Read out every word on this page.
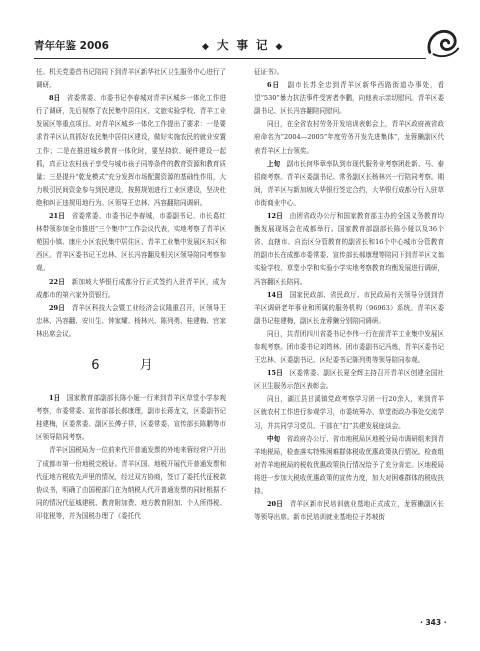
青年年鉴 2006	◆ 大 事 记 ◆

任、机关党委首书记陪同下到青羊区新华社区卫生服务中心进行了调研。

8日  省委常委、市委书记李春城对青羊区城乡一体化工作进行了调研，先后视察了农民集中居住区、文旅实验学校、青羊工业发展区等重点项目。对青羊区城乡一体化工作提出了要求：一是要求青羊区认真抓好农民集中居住区建设，做好实施农民的就业安置工作；二是在推进城乡教育一体化时，要坚持软、硬件建设一起抓，真正让农村孩子享受与城市孩子同等条件的教育资源和教育质量；三是提升“乾龙模式”充分发挥市场配置资源的基础性作用，大力吸引民间资金参与到民建设，按照规划进行工业区建设，坚决杜绝和纠正违规用地行为。区领导王忠林、冯容翻陪同调研。

21日  省委常委、市委书记李春城，市委副书记、市长葛红林带领参加全市推进“三个集中”工作会议代表，实地考察了青羊区苑国小镇、康庄小区农民集中居住区、青羊工业集中发展区东区和西区。青羊区委书记王忠林、区长冯容翻及相关区领导陪同考察参观。

22日  新加坡大华银行成都分行正式签约入驻青羊区，成为成都市的第六家外资银行。

29日  青羊区科技大会暨工业经济会议隆重召开，区领导王忠林、冯容翻、安川生、钟家耀、杨林兴、陈列勇、桂建梅、官家林出席会议。

6 月

1日  国家教育部副部长陈小娅一行来到青羊区草堂小学参观考察，市委常委、宣传部部长郝康理，副市长蒋龙文，区委副书记桂建梅，区委常委、副区长傅子祥，区委常委、宣传部长陈鹏等市区领导陪同考察。

青羊区国税局为一位前来代开普通发票的外地来蓉经营户开出了成都市第一份地税完税证。青羊区国、地税开展代开普通发票和代征地方税收先声里的情况，经过双方协商，签订了委托代征税款协议书，明确了由国税部门在为纳税人代开普通发票的同时根据不同的情况代征城建税、教育附加费、地方教育附加、个人所得税、印花税等，并为国税办理了《委托代

征证书》。

6日  副市长苏全忠到青羊区新华西路街道办事处，看望“530”暴力抗法事件受害者李鹏，向他表示亲切慰问。青羊区委副书记、区长冯容翻陪同慰问。

同日，在全省农村劳务开发培训表彰会上，青羊区政府被省政府命名为“2004—2005”年度劳务开发先进集体”，龙蓉獭副区代表青羊区上台领奖。

上旬  副市长何华章率队到市现代服务业考察团赴新、马、泰招商考察。青羊区委副书记、常务副区长杨林兴一行陪同考察。期间，青羊区与新加坡大华银行签定合约，大华银行成都分行入驻草市街商业中心。

12日  由团省政办公厅和国家教育部主办的全国义务教育均衡发展现场会在成都举行。国家教育部副部长陈小娅以及36个省、直辖市、自治区分管教育的副省长和16个中心城市分管教育的副市长在成都市委常委、宣传部长郝康理等陪同下到青羊区文翁实验学校、草堂小学和实验小学实地考察教育均衡发展进行调研，冯容翻区长陪同。

14日  国家民政部、省民政厅、市民政局有关领导分别到青羊区调研老年事业和所属的服务机构（96963）系统。青羊区委副书记桂建梅，副区长龙蓉獭分别陪同调研。

同日，共青团四川省委书记李伟一行在前青羊工业集中发展区参观考察。团市委书记刘筠林、团市委副书记冯炼，青羊区委书记王忠林、区委副书记、区纪委书记陈列勇等领导陪同参观。

15日  区委常委、副区长夏全辉主持召开青羊区创建全国社区卫生服务示范区表彰会。

同日，湖江县甘溪镇党政考察学习团一行20余人，来到青羊区就农村工作进行参观学习，市委统筹办、草堂街政办事处交流学习，并共同学习党员、干部在“打”共建发展座谈会。

中旬  省政府办公厅、省市地税局区地税分局市调研组来到青羊地税局，检查落实特殊困难群体税收优惠政策执行情况。检查组对青羊地税局的税收优惠政策执行情况给予了充分肯定。区地税局将进一步加大税收优惠政策的宣传力度，加大对困难群体的税收扶持。

20日  青羊区新市民培训就业基地正式成立，龙蓉獭副区长等领导出席。新市民培训就业基地位于苏坡街

· 343 ·
